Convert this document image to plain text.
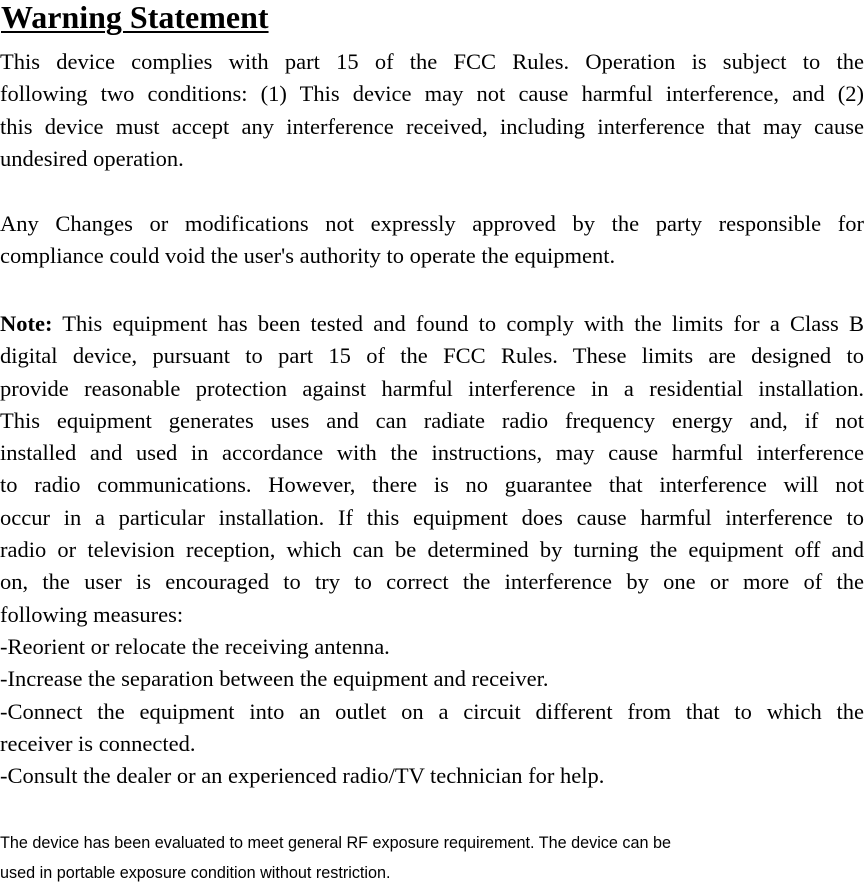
Warning Statement
This device complies with part 15 of the FCC Rules. Operation is subject to the
following two conditions: (1) This device may not cause harmful interference, and (2)
this device must accept any interference received, including interference that may cause
undesired operation.
Any Changes or modifications not expressly approved by the party responsible for
compliance could void the user's authority to operate the equipment.
Note: This equipment has been tested and found to comply with the limits for a Class B
digital device, pursuant to part 15 of the FCC Rules. These limits are designed to
provide reasonable protection against harmful interference in a residential installation.
This equipment generates uses and can radiate radio frequency energy and, if not
installed and used in accordance with the instructions, may cause harmful interference
to radio communications. However, there is no guarantee that interference will not
occur in a particular installation. If this equipment does cause harmful interference to
radio or television reception, which can be determined by turning the equipment off and
on, the user is encouraged to try to correct the interference by one or more of the
following measures:
-Reorient or relocate the receiving antenna.
-Increase the separation between the equipment and receiver.
-Connect the equipment into an outlet on a circuit different from that to which the
receiver is connected.
-Consult the dealer or an experienced radio/TV technician for help.
The device has been evaluated to meet general RF exposure requirement. The device can be
used in portable exposure condition without restriction.
